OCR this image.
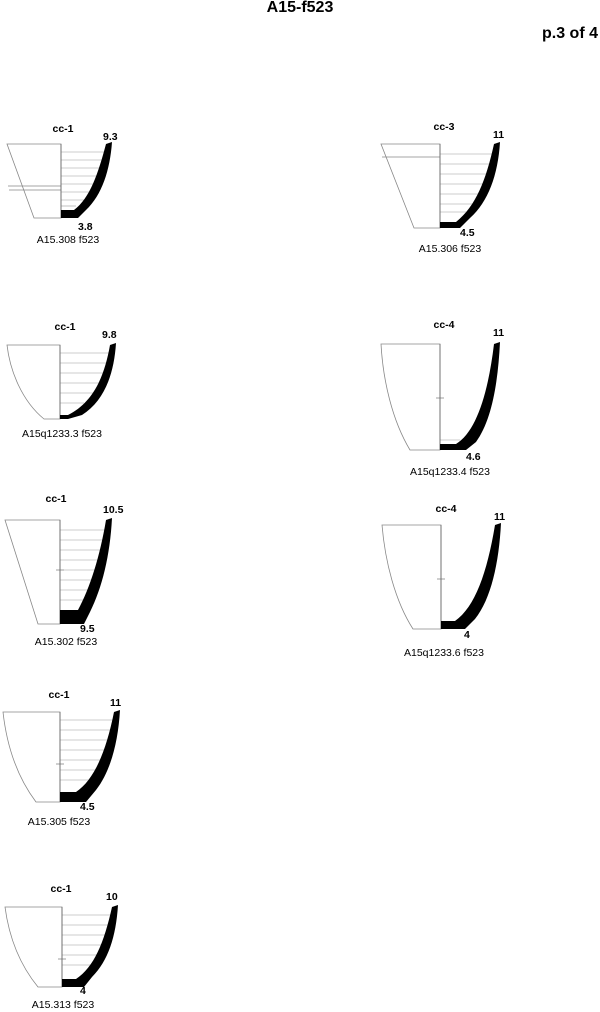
A15-f523
p.3 of 4
cc-1
9.3
3.8
A15.308 f523
cc-3
11
4.5
A15.306 f523
cc-1
9.8
A15q1233.3 f523
cc-4
11
4.6
A15q1233.4 f523
cc-1
10.5
9.5
A15.302 f523
cc-4
11
4
A15q1233.6 f523
cc-1
11
4.5
A15.305 f523
cc-1
10
4
A15.313 f523
